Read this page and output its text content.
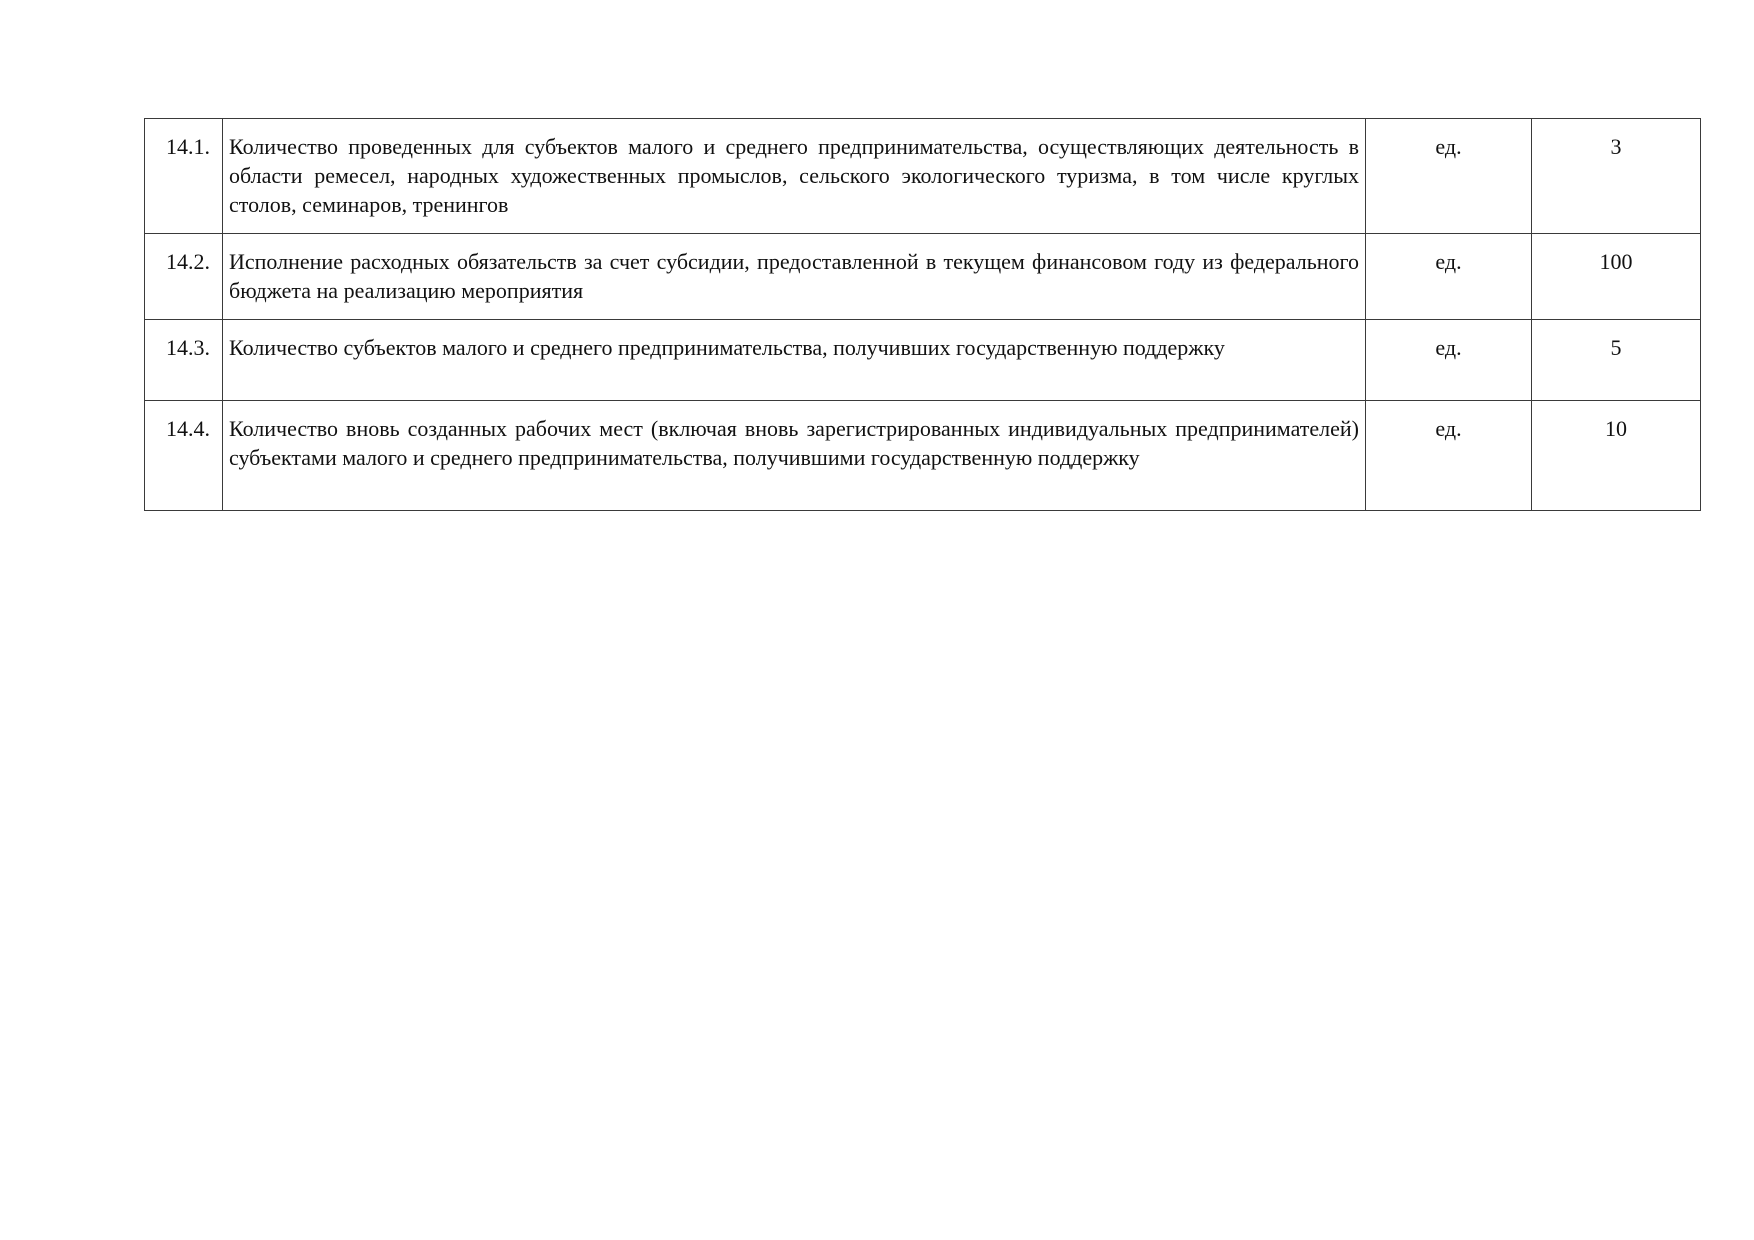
14.1.	Количество проведенных для субъектов малого и среднего предпринимательства, осуществляющих деятельность в области ремесел, народных художественных промыслов, сельского экологического туризма, в том числе круглых столов, семинаров, тренингов	ед.	3
14.2.	Исполнение расходных обязательств за счет субсидии, предоставленной в текущем финансовом году из федерального бюджета на реализацию мероприятия	ед.	100
14.3.	Количество субъектов малого и среднего предпринимательства, получивших государственную поддержку	ед.	5
14.4.	Количество вновь созданных рабочих мест (включая вновь зарегистрированных индивидуальных предпринимателей) субъектами малого и среднего предпринимательства, получившими государственную поддержку	ед.	10
